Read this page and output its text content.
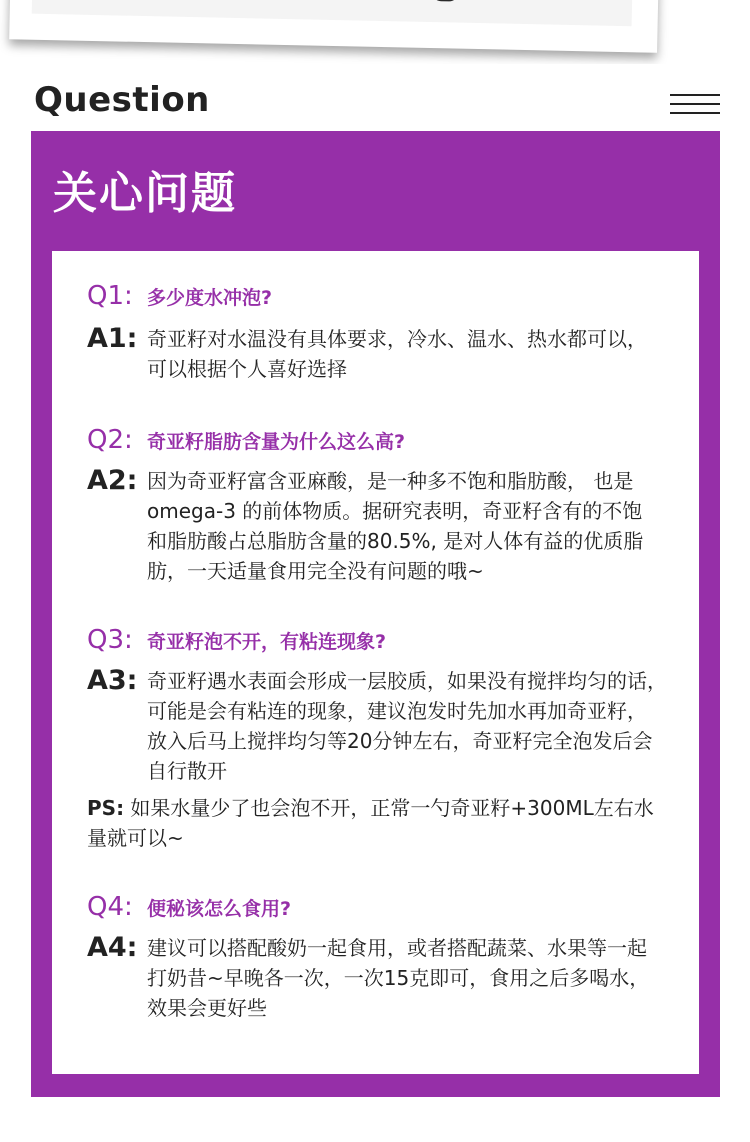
Question
关心问题
Q1: 多少度水冲泡?
A1: 奇亚籽对水温没有具体要求，冷水、温水、热水都可以，
可以根据个人喜好选择
Q2: 奇亚籽脂肪含量为什么这么高?
A2: 因为奇亚籽富含亚麻酸，是一种多不饱和脂肪酸， 也是
omega-3 的前体物质。据研究表明，奇亚籽含有的不饱
和脂肪酸占总脂肪含量的80.5%, 是对人体有益的优质脂
肪，一天适量食用完全没有问题的哦~
Q3: 奇亚籽泡不开，有粘连现象?
A3: 奇亚籽遇水表面会形成一层胶质，如果没有搅拌均匀的话，
可能是会有粘连的现象，建议泡发时先加水再加奇亚籽，
放入后马上搅拌均匀等20分钟左右，奇亚籽完全泡发后会
自行散开
PS: 如果水量少了也会泡不开，正常一勺奇亚籽+300ML左右水
量就可以~
Q4: 便秘该怎么食用?
A4: 建议可以搭配酸奶一起食用，或者搭配蔬菜、水果等一起
打奶昔~早晚各一次，一次15克即可，食用之后多喝水，
效果会更好些
